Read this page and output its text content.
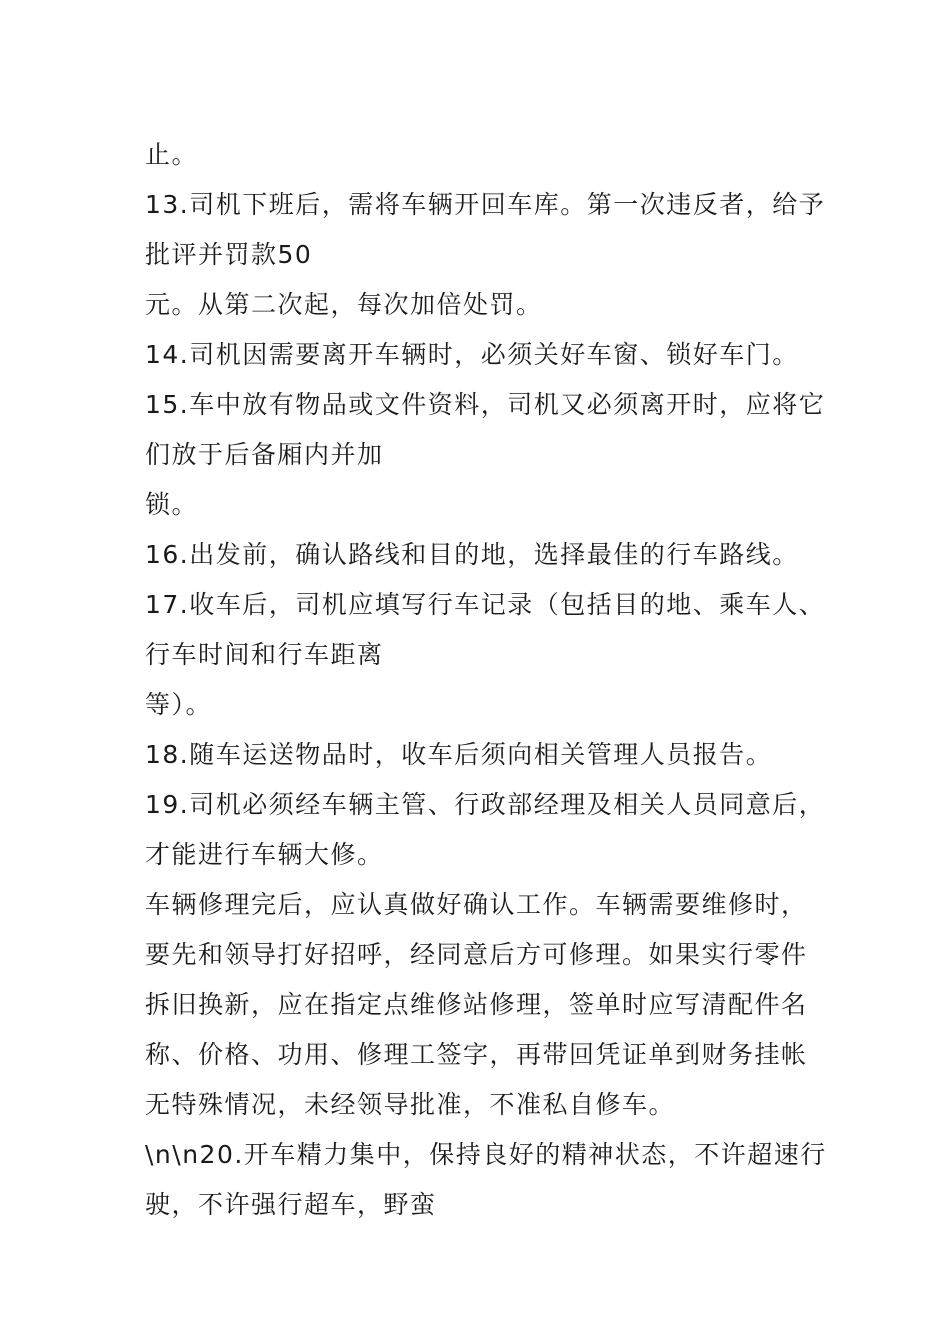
止。
13.司机下班后，需将车辆开回车库。第一次违反者，给予
批评并罚款50
元。从第二次起，每次加倍处罚。
14.司机因需要离开车辆时，必须关好车窗、锁好车门。
15.车中放有物品或文件资料，司机又必须离开时，应将它
们放于后备厢内并加
锁。
16.出发前，确认路线和目的地，选择最佳的行车路线。
17.收车后，司机应填写行车记录（包括目的地、乘车人、
行车时间和行车距离
等）。
18.随车运送物品时，收车后须向相关管理人员报告。
19.司机必须经车辆主管、行政部经理及相关人员同意后，
才能进行车辆大修。
车辆修理完后，应认真做好确认工作。车辆需要维修时，
要先和领导打好招呼，经同意后方可修理。如果实行零件
拆旧换新，应在指定点维修站修理，签单时应写清配件名
称、价格、功用、修理工签字，再带回凭证单到财务挂帐
无特殊情况，未经领导批准，不准私自修车。
\n\n20.开车精力集中，保持良好的精神状态，不许超速行
驶，不许强行超车，野蛮
